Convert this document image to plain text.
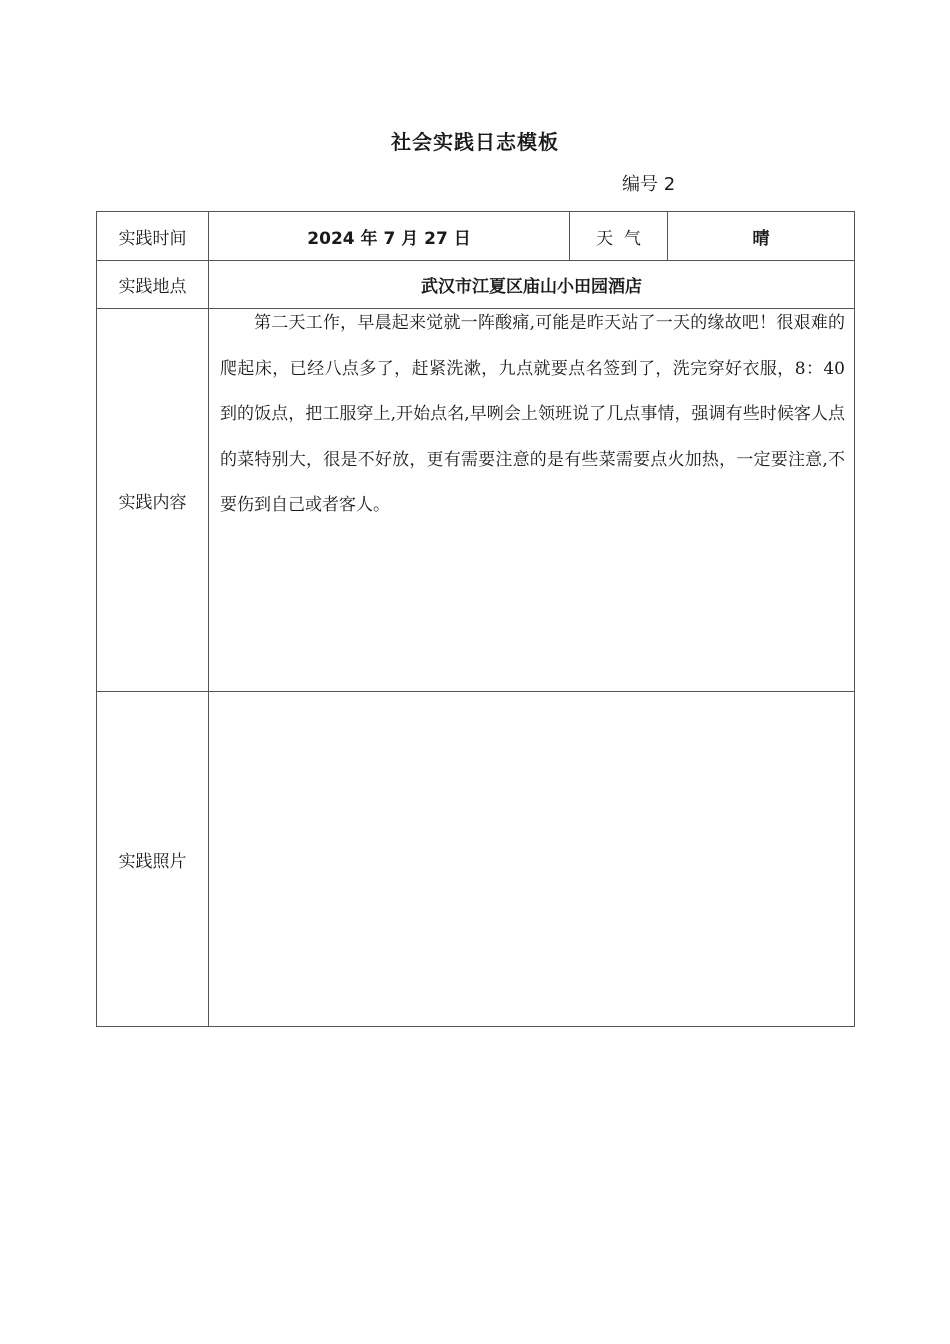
社会实践日志模板
编号 2
实践时间	2024 年 7 月 27 日	天  气	晴
实践地点	武汉市江夏区庙山小田园酒店		
实践内容	第二天工作，早晨起来觉就一阵酸痛,可能是昨天站了一天的缘故吧！很艰难的爬起床，已经八点多了，赶紧洗漱，九点就要点名签到了，洗完穿好衣服，8：40 到的饭点，把工服穿上,开始点名,早咧会上领班说了几点事情，强调有些时候客人点的菜特别大，很是不好放，更有需要注意的是有些菜需要点火加热，一定要注意,不要伤到自己或者客人。		

实践照片			
